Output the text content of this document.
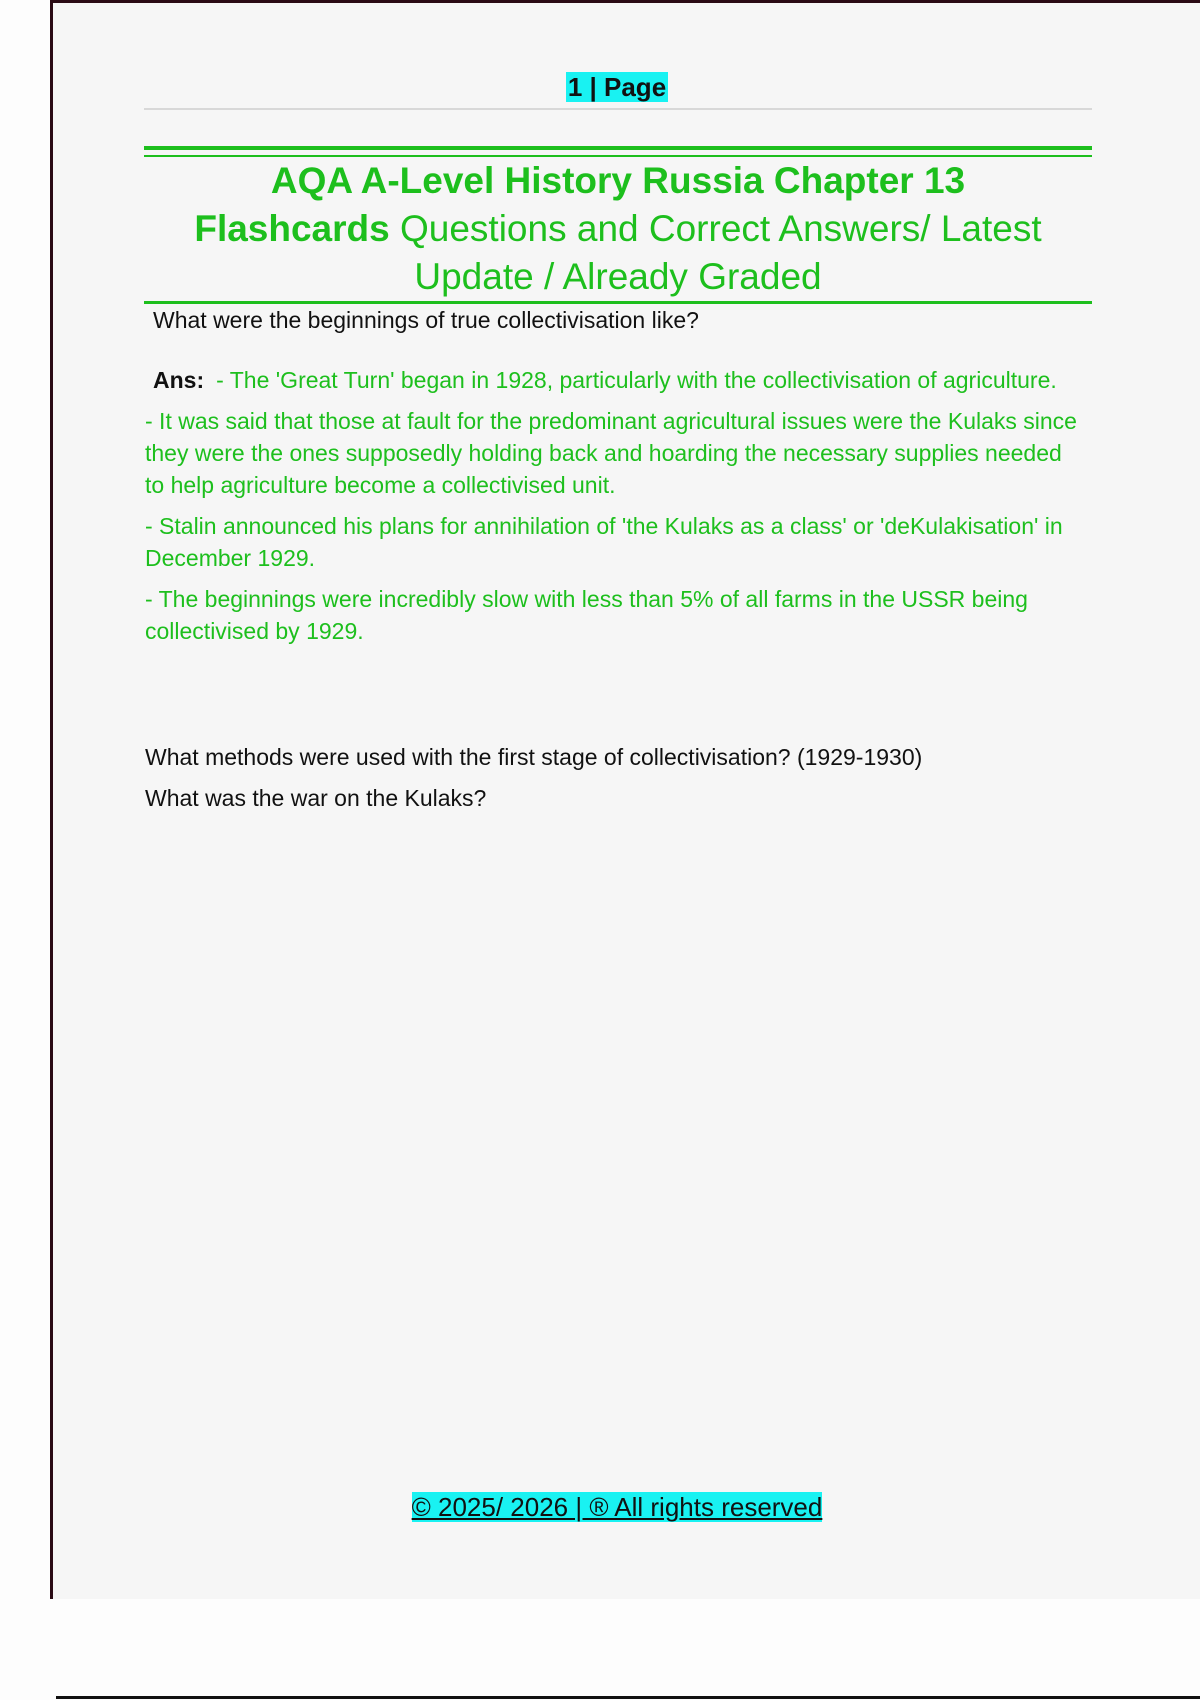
1 | Page
AQA A-Level History Russia Chapter 13
Flashcards Questions and Correct Answers/ Latest Update / Already Graded
What were the beginnings of true collectivisation like?

Ans: - The 'Great Turn' began in 1928, particularly with the collectivisation of agriculture.

- It was said that those at fault for the predominant agricultural issues were the Kulaks since they were the ones supposedly holding back and hoarding the necessary supplies needed to help agriculture become a collectivised unit.

- Stalin announced his plans for annihilation of 'the Kulaks as a class' or 'deKulakisation' in December 1929.

- The beginnings were incredibly slow with less than 5% of all farms in the USSR being collectivised by 1929.

What methods were used with the first stage of collectivisation? (1929-1930)
What was the war on the Kulaks?
© 2025/ 2026 | ® All rights reserved
